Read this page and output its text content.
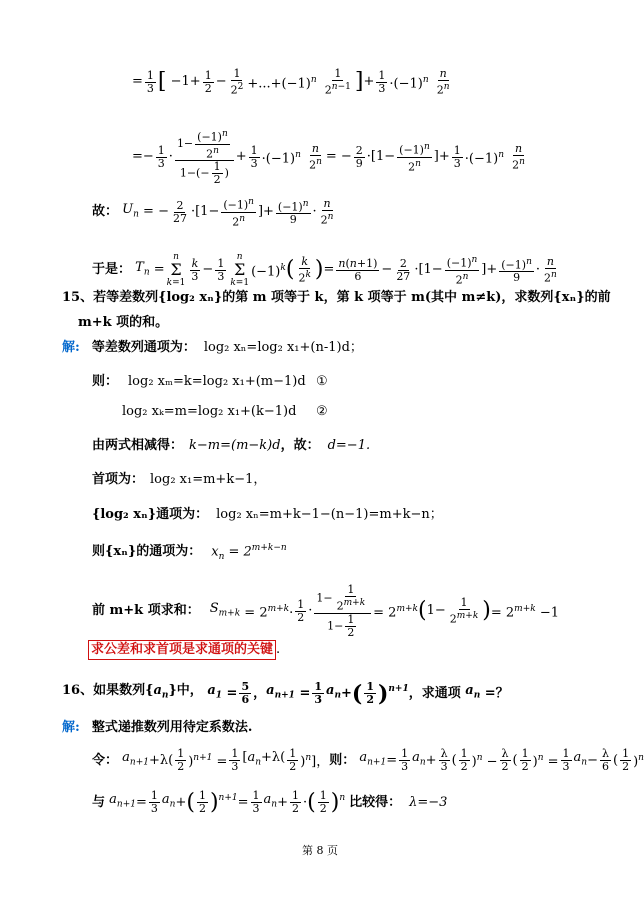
= $\frac{1}{3}$ [ $-1+ \frac{1}{2} - \frac{1}{2^2} +...+(-1)^n \frac{1}{2^{n-1}}$ ] + $\frac{1}{3} \cdot(-1)^n \frac{n}{2^n}$
=− $\frac{1}{3} \cdot \frac{1- \frac{(-1)^n}{2^n}}{1-(- \frac{1}{2} )} + \frac{1}{3} \cdot(-1)^n \frac{n}{2^n}$ = − $\frac{2}{9} \cdot[1- \frac{(-1)^n}{2^n}$ ]+ $\frac{1}{3} \cdot(-1)^n \frac{n}{2^n}$
故： $U_n$ = − $\frac{2}{27} \cdot[1- \frac{(-1)^n}{2^n}$ ]+ $\frac{(-1)^n}{9} \cdot \frac{n}{2^n}$
于是： $T_n$ =
n
Σ
k=1
$\frac{k}{3} - \frac{1}{3}$
n
Σ
k=1
$(-1)^k$ ( $\frac{k}{2^k}$ ) = $\frac{n(n+1)}{6} - \frac{2}{27} \cdot[1- \frac{(-1)^n}{2^n}$ ]+ $\frac{(-1)^n}{9} \cdot \frac{n}{2^n}$
15、若等差数列{log₂ xₙ}的第 m 项等于 k，第 k 项等于 m(其中 m≠k)，求数列{xₙ}的前
m+k 项的和。
解: 等差数列通项为： log₂ xₙ=log₂ x₁+(n-1)d；
则： log₂ xₘ=k=log₂ x₁+(m−1)d ①
log₂ xₖ=m=log₂ x₁+(k−1)d ②
由两式相减得： k−m=(m−k)d ，故： d=−1.
首项为： log₂ x₁=m+k−1，
{log₂ xₙ}通项为： log₂ xₙ=m+k−1−(n−1)=m+k−n；
则{xₙ}的通项为： $x_n = 2^{m+k-n}$
前 m+k 项求和： $S_{m+k} = 2^{m+k}\cdot \frac{1}{2} \cdot \frac{1- \frac{1}{2^{m+k}}}{1- \frac{1}{2}} = 2^{m+k}$ ( $1- \frac{1}{2^{m+k}}$ ) = $2^{m+k} -1$
求公差和求首项是求通项的关键 .
16、如果数列$\{a_n\}$中， $a_1 = \frac{5}{6}$ ， $a_{n+1} = \frac{1}{3} a_n$ + ( $\frac{1}{2} )^{n+1}$ ，求通项 $a_n$ =？
解: 整式递推数列用待定系数法.
令： $a_{n+1} +\lambda( \frac{1}{2} )^{n+1} = \frac{1}{3} [a_n+\lambda( \frac{1}{2} )^n]$， 则： $a_{n+1} = \frac{1}{3} a_n + \frac{\lambda}{3}$ ( $\frac{1}{2} )^n - \frac{\lambda}{2}$ ( $\frac{1}{2} )^n = \frac{1}{3} a_n - \frac{\lambda}{6}$ ( $\frac{1}{2} )^n$
与 $a_{n+1} = \frac{1}{3} a_n$ + ( $\frac{1}{2} )^{n+1} = \frac{1}{3} a_n + \frac{1}{2}$ · ( $\frac{1}{2} )^n$ 比较得： λ=−3
第 8 页
